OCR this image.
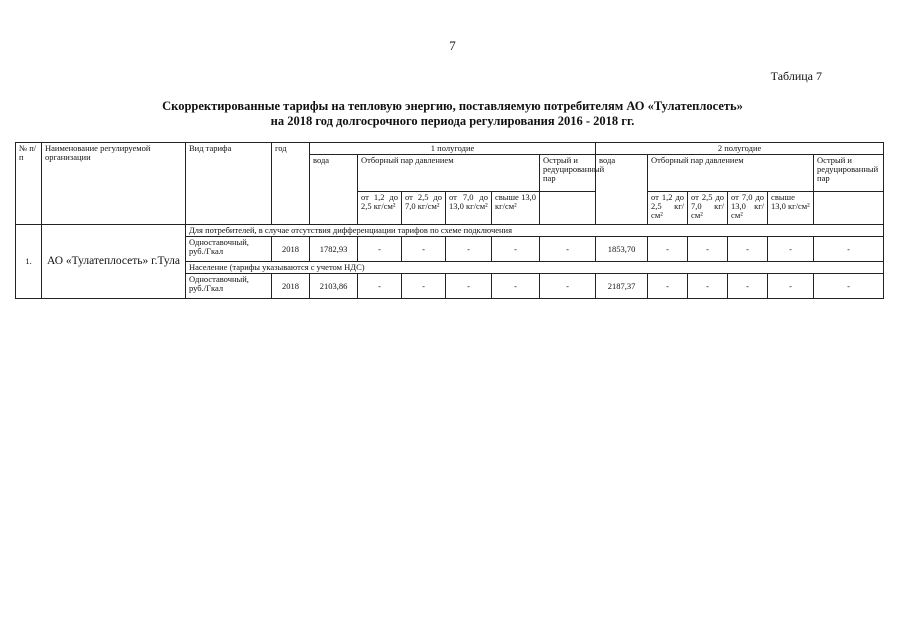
7
Таблица 7
Скорректированные тарифы на тепловую энергию, поставляемую потребителям АО «Тулатеплосеть»
на 2018 год долгосрочного периода регулирования 2016 - 2018 гг.
№ п/п	Наименование регулируемой организации	Вид тарифа	год	1 полугодие						2 полугодие					
				вода	Отборный пар давлением				Острый и редуцированный пар	вода	Отборный пар давлением				Острый и редуцированный пар
					от 1,2 до 2,5 кг/см²	от 2,5 до 7,0 кг/см²	от 7,0 до 13,0 кг/см²	свыше 13,0 кг/см²			от 1,2 до 2,5 кг/см²	от 2,5 до 7,0 кг/см²	от 7,0 до 13,0 кг/см²	свыше 13,0 кг/см²	
1.	АО «Тулатеплосеть» г.Тула	Для потребителей, в случае отсутствия дифференциации тарифов по схеме подключения													
		Одноставочный, руб./Гкал	2018	1782,93	-	-	-	-	-	1853,70	-	-	-	-	-
		Население (тарифы указываются с учетом НДС)													
		Одноставочный, руб./Гкал	2018	2103,86	-	-	-	-	-	2187,37	-	-	-	-	-
